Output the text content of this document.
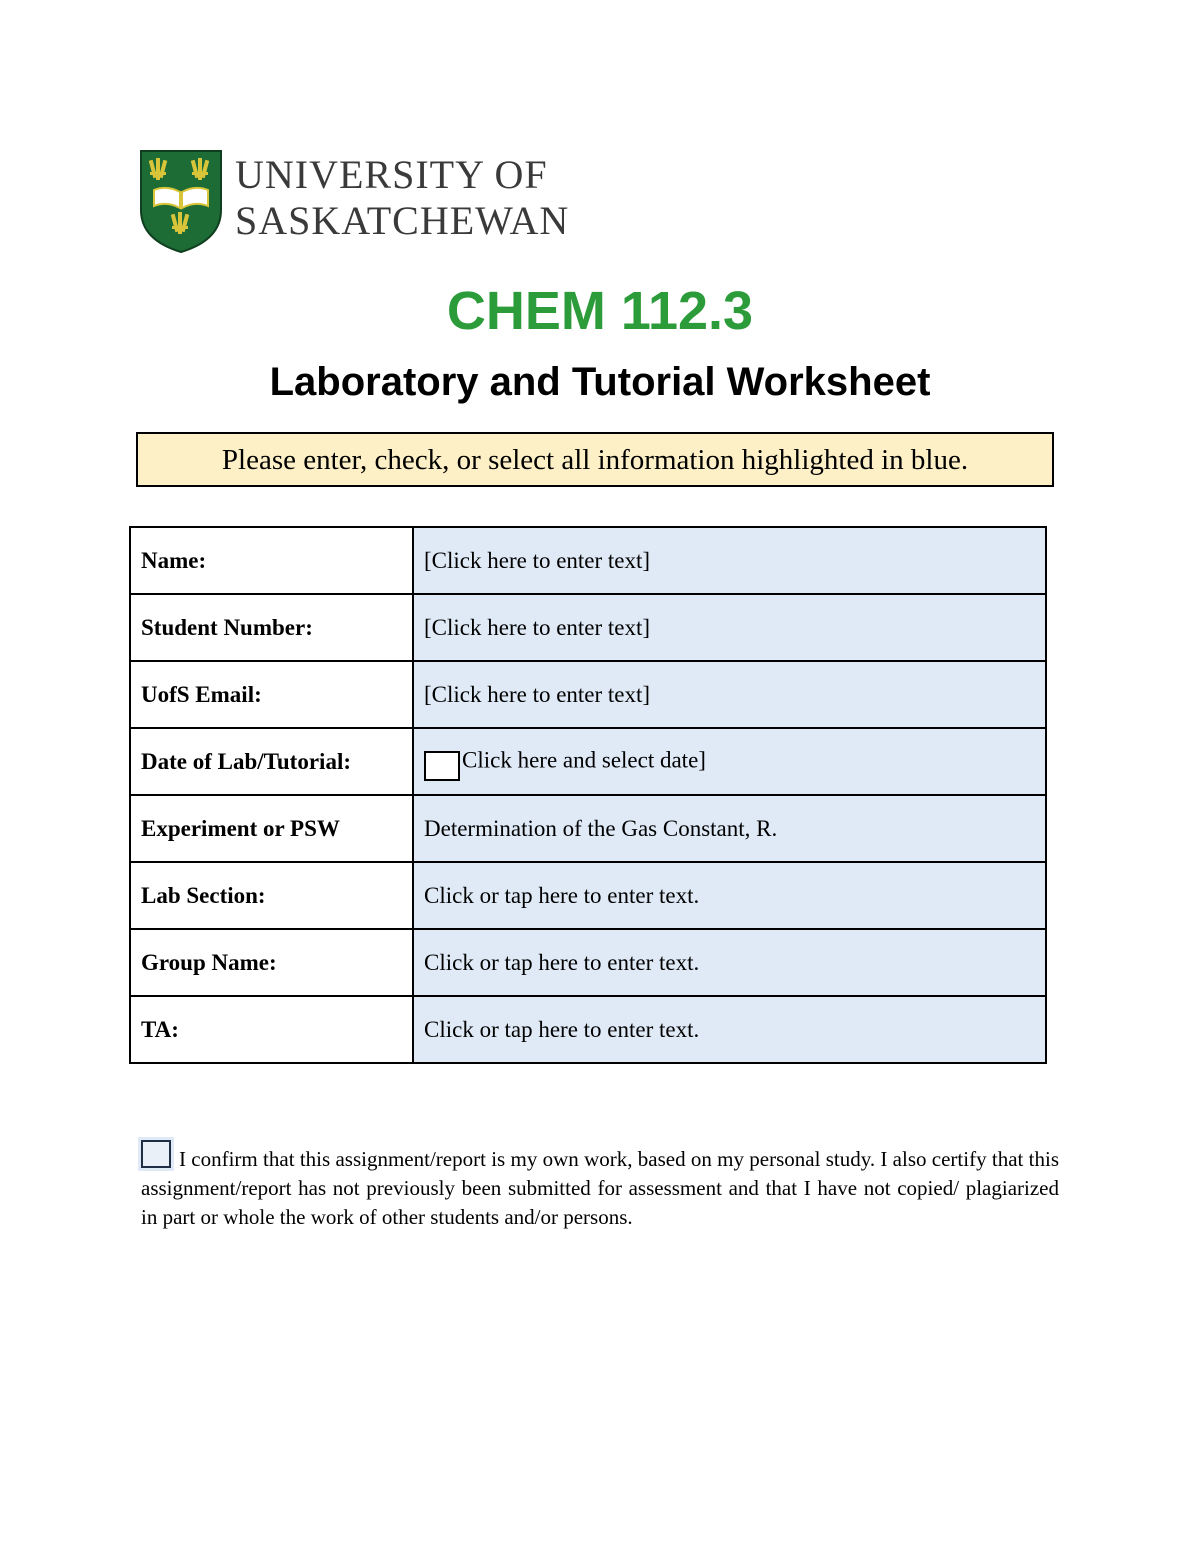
UNIVERSITY OF
SASKATCHEWAN
CHEM 112.3
Laboratory and Tutorial Worksheet
Please enter, check, or select all information highlighted in blue.
Name:	[Click here to enter text]
Student Number:	[Click here to enter text]
UofS Email:	[Click here to enter text]
Date of Lab/Tutorial:	Click here and select date]
Experiment or PSW	Determination of the Gas Constant, R.
Lab Section:	Click or tap here to enter text.
Group Name:	Click or tap here to enter text.
TA:	Click or tap here to enter text.
I confirm that this assignment/report is my own work, based on my personal study. I also certify that this assignment/report has not previously been submitted for assessment and that I have not copied/ plagiarized in part or whole the work of other students and/or persons.
